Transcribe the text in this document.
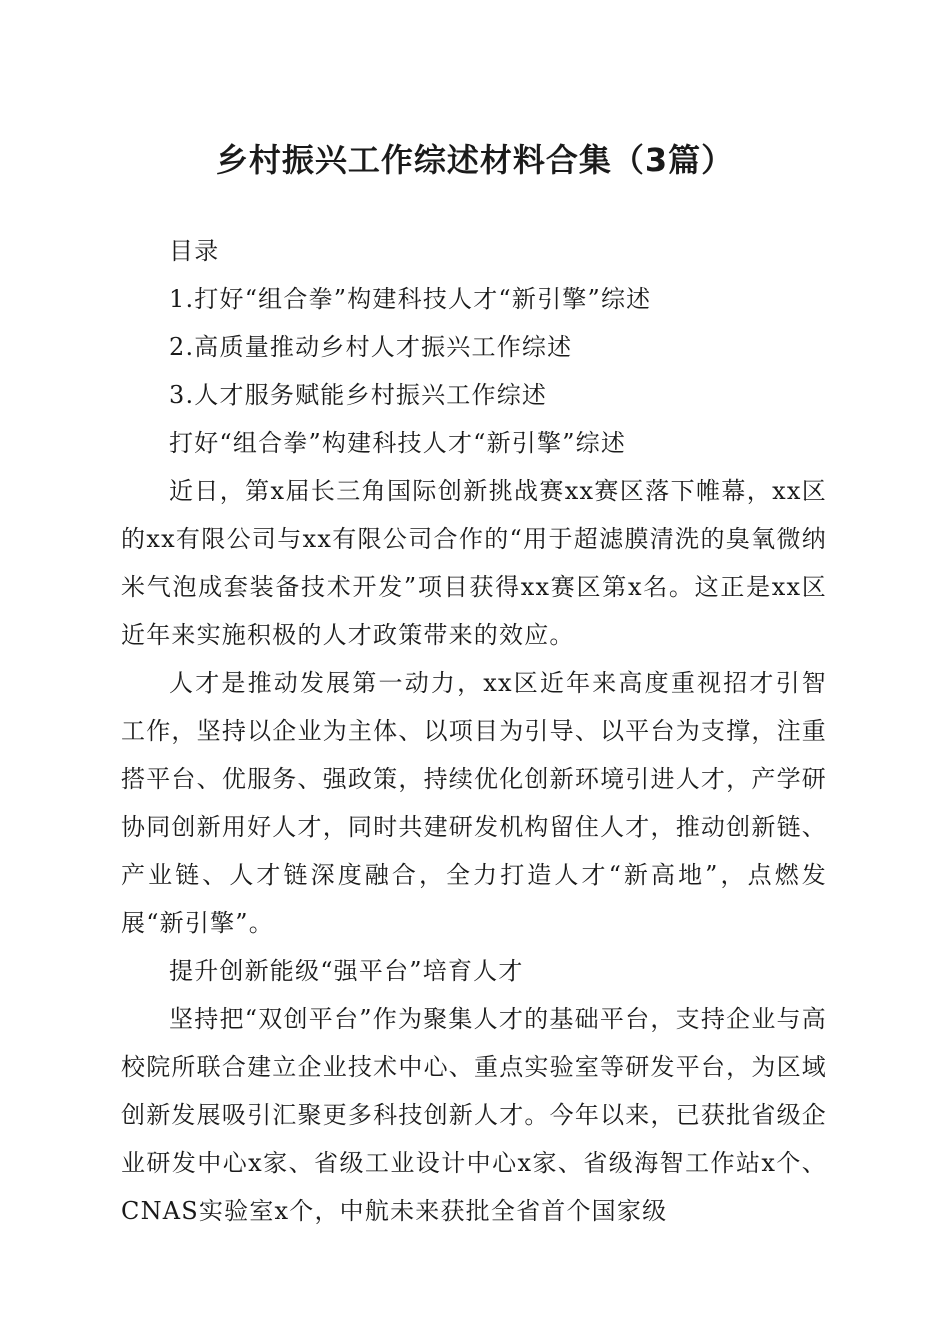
乡村振兴工作综述材料合集（3篇）

目录

1.打好“组合拳”构建科技人才“新引擎”综述

2.高质量推动乡村人才振兴工作综述

3.人才服务赋能乡村振兴工作综述

打好“组合拳”构建科技人才“新引擎”综述

近日，第x届长三角国际创新挑战赛xx赛区落下帷幕，xx区的xx有限公司与xx有限公司合作的“用于超滤膜清洗的臭氧微纳米气泡成套装备技术开发”项目获得xx赛区第x名。这正是xx区近年来实施积极的人才政策带来的效应。

人才是推动发展第一动力，xx区近年来高度重视招才引智工作，坚持以企业为主体、以项目为引导、以平台为支撑，注重搭平台、优服务、强政策，持续优化创新环境引进人才，产学研协同创新用好人才，同时共建研发机构留住人才，推动创新链、产业链、人才链深度融合，全力打造人才“新高地”，点燃发展“新引擎”。

提升创新能级“强平台”培育人才

坚持把“双创平台”作为聚集人才的基础平台，支持企业与高校院所联合建立企业技术中心、重点实验室等研发平台，为区域创新发展吸引汇聚更多科技创新人才。今年以来，已获批省级企业研发中心x家、省级工业设计中心x家、省级海智工作站x个、CNAS实验室x个，中航未来获批全省首个国家级
